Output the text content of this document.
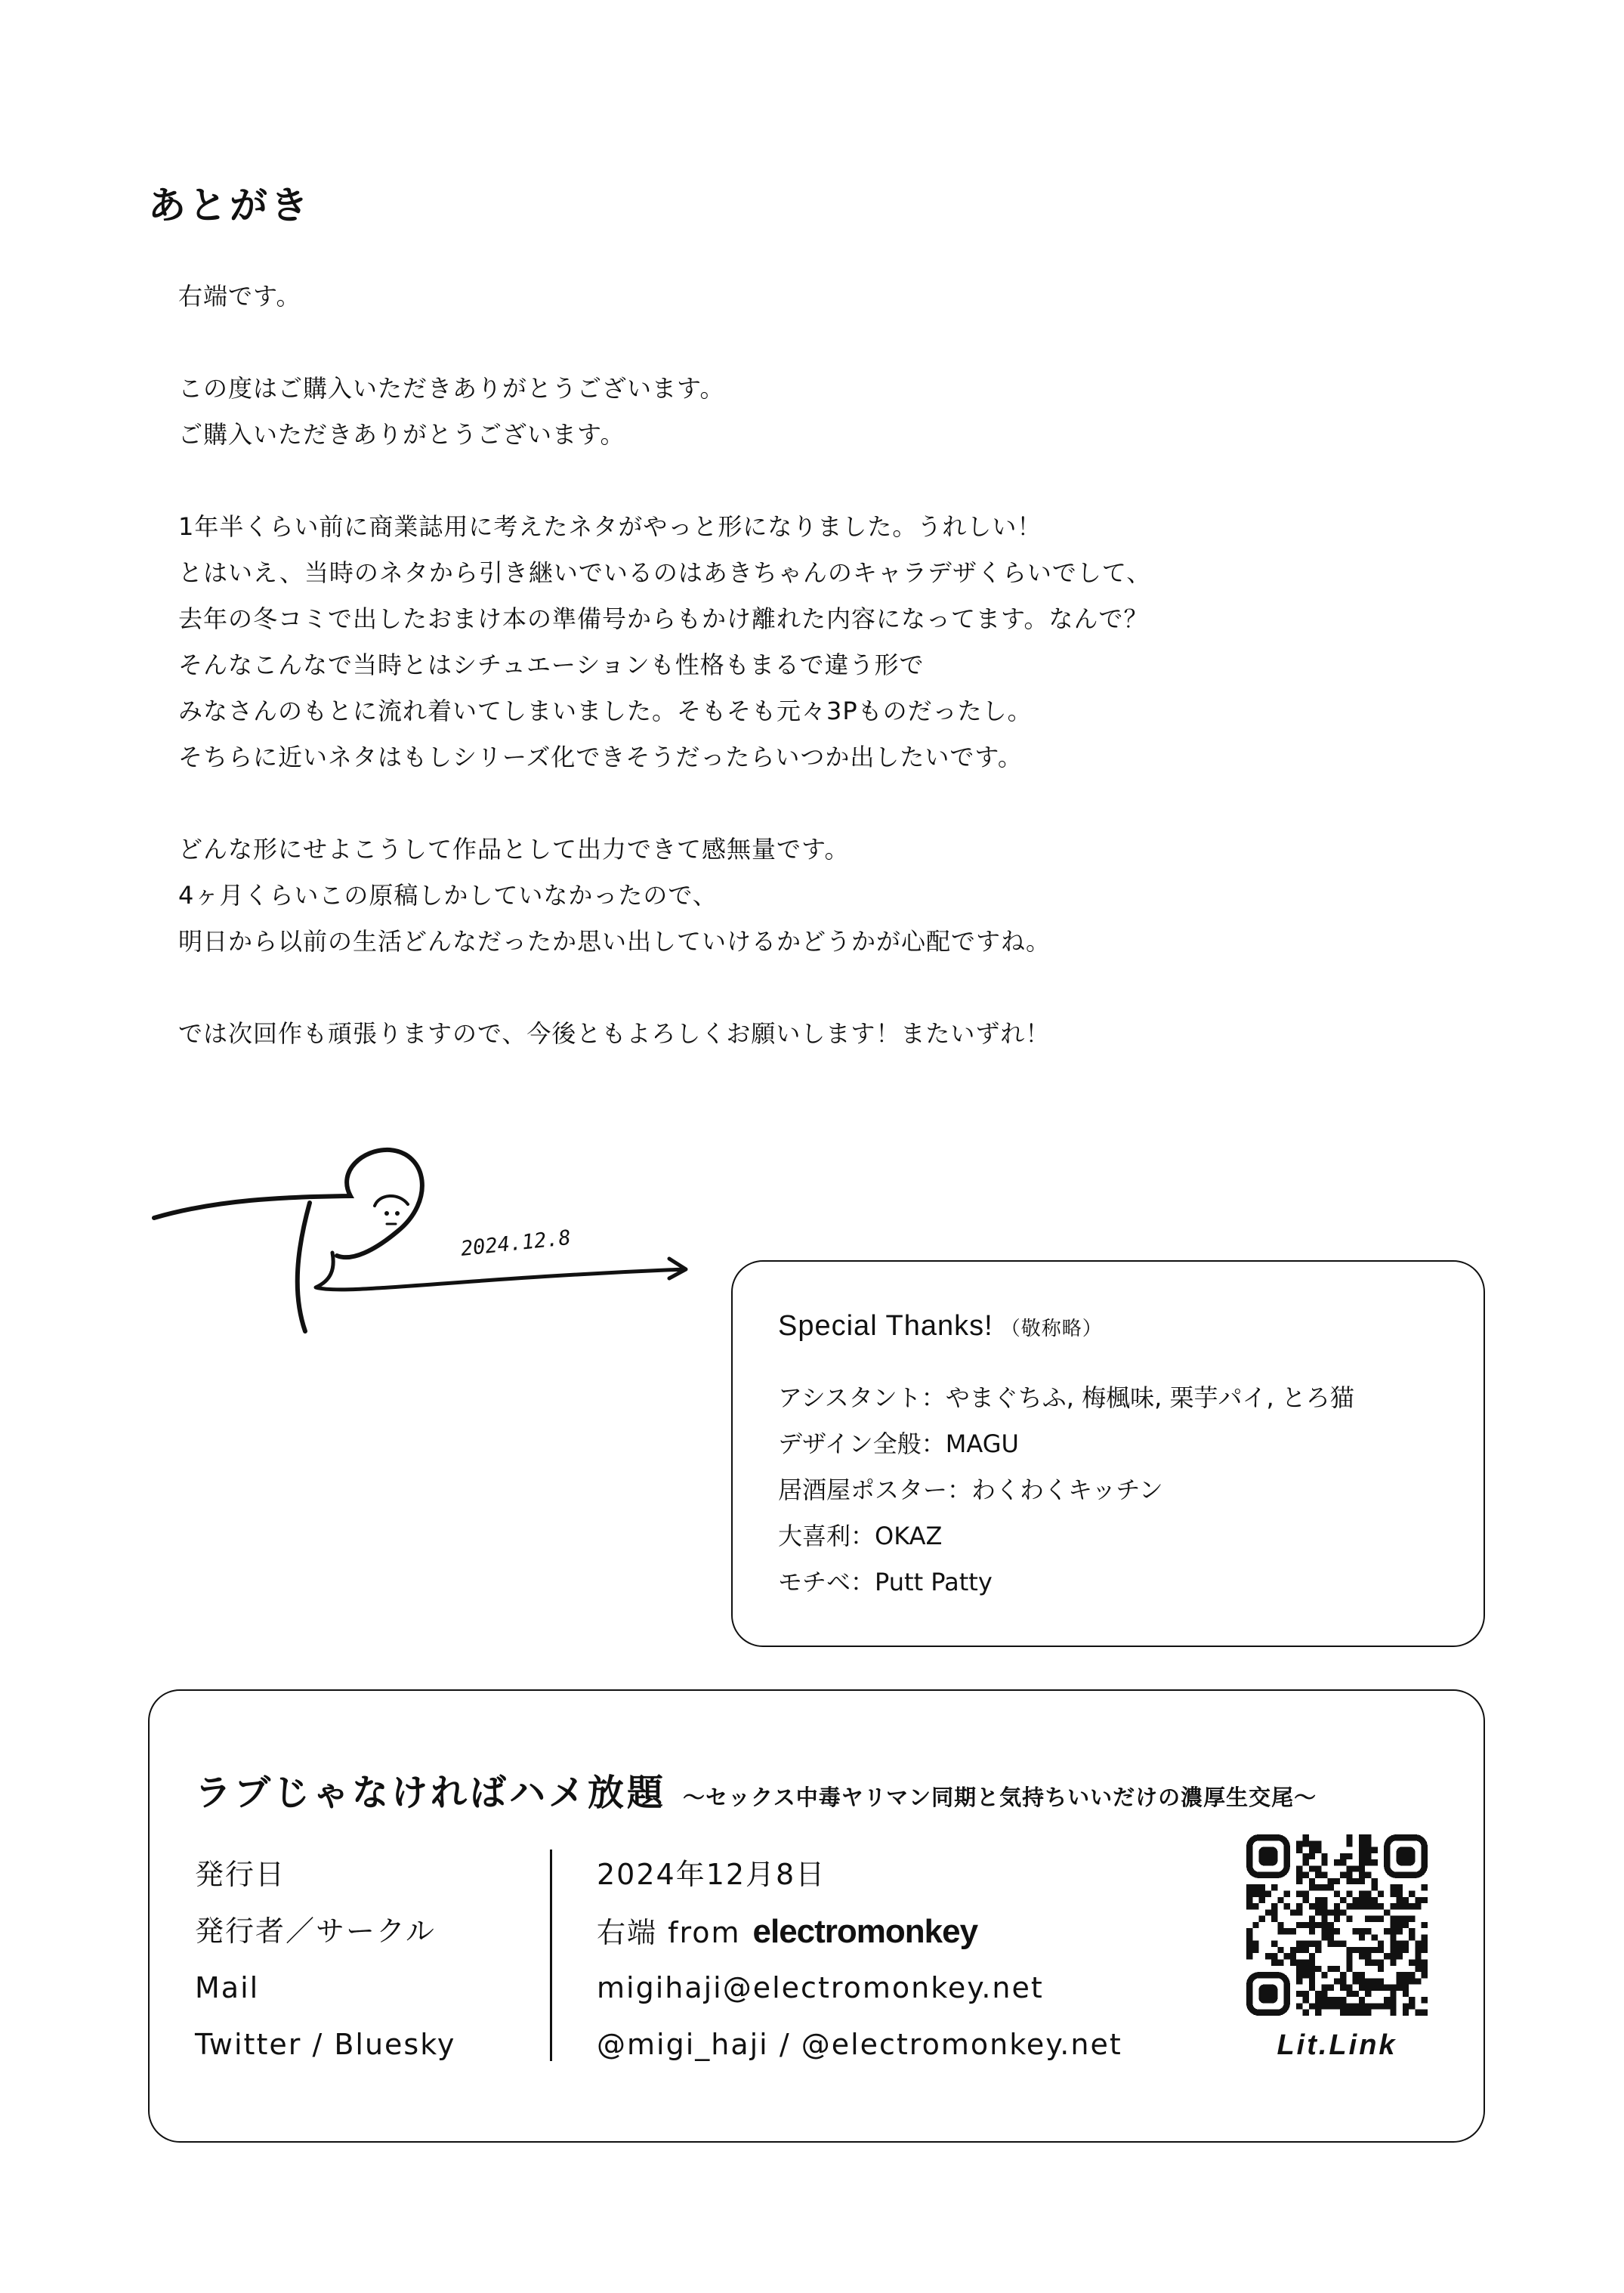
あとがき

右端です。

この度はご購入いただきありがとうございます。

ご購入いただきありがとうございます。

1年半くらい前に商業誌用に考えたネタがやっと形になりました。うれしい！

とはいえ、当時のネタから引き継いでいるのはあきちゃんのキャラデザくらいでして、

去年の冬コミで出したおまけ本の準備号からもかけ離れた内容になってます。なんで？

そんなこんなで当時とはシチュエーションも性格もまるで違う形で

みなさんのもとに流れ着いてしまいました。そもそも元々3Pものだったし。

そちらに近いネタはもしシリーズ化できそうだったらいつか出したいです。

どんな形にせよこうして作品として出力できて感無量です。

4ヶ月くらいこの原稿しかしていなかったので、

明日から以前の生活どんなだったか思い出していけるかどうかが心配ですね。

では次回作も頑張りますので、今後ともよろしくお願いします！またいずれ！

2024.12.8
Special Thanks! （敬称略）
アシスタント：やまぐちふ, 梅楓味, 栗芋パイ, とろ猫
デザイン全般：MAGU
居酒屋ポスター：わくわくキッチン
大喜利：OKAZ
モチベ：Putt Patty
ラブじゃなければハメ放題 ～セックス中毒ヤリマン同期と気持ちいいだけの濃厚生交尾～
発行日
発行者／サークル
Mail
Twitter / Bluesky
2024年12月8日
右端 from electromonkey
migihaji@electromonkey.net
@migi_haji / @electromonkey.net	Lit.Link
